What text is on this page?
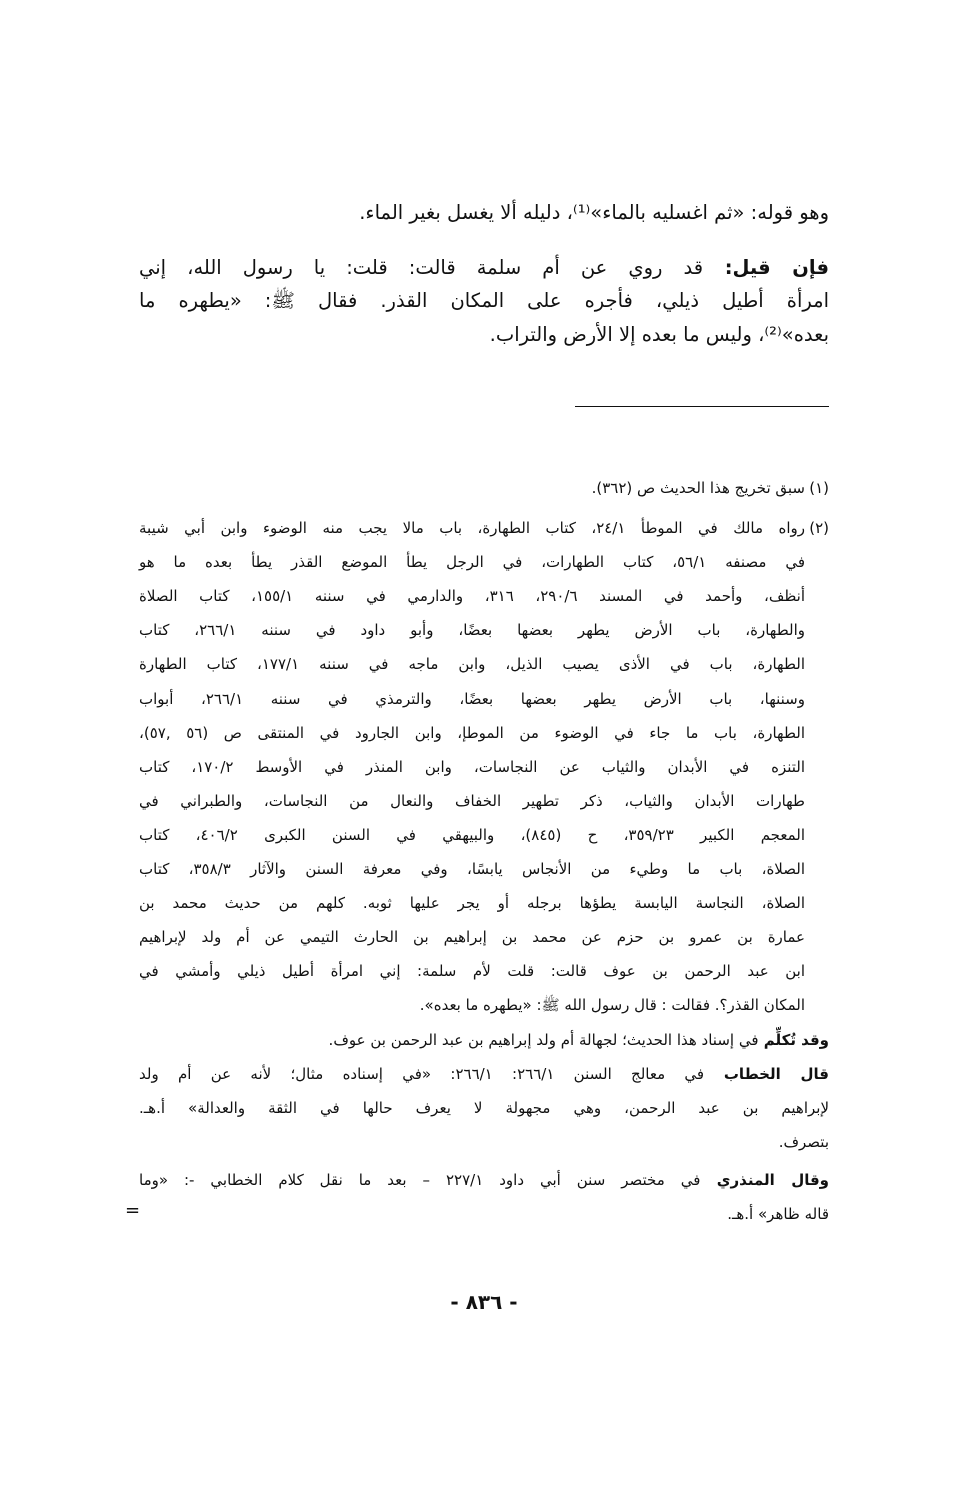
وهو قوله: «ثم اغسليه بالماء»⁽¹⁾، دليله ألا يغسل بغير الماء.
فإن قيل: قد روي عن أم سلمة قالت: قلت: يا رسول الله، إني
امرأة أطيل ذيلي، فأجره على المكان القذر. فقال ﷺ: «يطهره ما
بعده»⁽²⁾، وليس ما بعده إلا الأرض والتراب.
(١)
سبق تخريج هذا الحديث ص (٣٦٢).
(٢)
رواه مالك في الموطأ ٢٤/١، كتاب الطهارة، باب مالا يجب منه الوضوء وابن أبي شيبة
في مصنفه ٥٦/١، كتاب الطهارات، في الرجل يطأ الموضع القذر يطأ بعده ما هو
أنظف، وأحمد في المسند ٢٩٠/٦، ٣١٦، والدارمي في سننه ١٥٥/١، كتاب الصلاة
والطهارة، باب الأرض يطهر بعضها بعضًا، وأبو داود في سننه ٢٦٦/١، كتاب
الطهارة، باب في الأذى يصيب الذيل، وابن ماجه في سننه ١٧٧/١، كتاب الطهارة
وسننها، باب الأرض يطهر بعضها بعضًا، والترمذي في سننه ٢٦٦/١، أبواب
الطهارة، باب ما جاء في الوضوء من الموطإ، وابن الجارود في المنتقى ص (٥٦ ,٥٧)،
التنزه في الأبدان والثياب عن النجاسات، وابن المنذر في الأوسط ١٧٠/٢، كتاب
طهارات الأبدان والثياب، ذكر تطهير الخفاف والنعال من النجاسات، والطبراني في
المعجم الكبير ٣٥٩/٢٣، ح (٨٤٥)، والبيهقي في السنن الكبرى ٤٠٦/٢، كتاب
الصلاة، باب ما وطيء من الأنجاس يابسًا، وفي معرفة السنن والآثار ٣٥٨/٣، كتاب
الصلاة، النجاسة اليابسة يطؤها برجله أو يجر عليها ثوبه. كلهم من حديث محمد بن
عمارة بن عمرو بن حزم عن محمد بن إبراهيم بن الحارث التيمي عن أم ولد لإبراهيم
ابن عبد الرحمن بن عوف قالت: قلت لأم سلمة: إني امرأة أطيل ذيلي وأمشي في
المكان القذر؟. فقالت : قال رسول الله ﷺ: «يطهره ما بعده».
وقد تُكلِّم في إسناد هذا الحديث؛ لجهالة أم ولد إبراهيم بن عبد الرحمن بن عوف.
قال الخطاب في معالج السنن ٢٦٦/١: ٢٦٦/١: «في إسناده مثال؛ لأنه عن أم ولد
لإبراهيم بن عبد الرحمن، وهي مجهولة لا يعرف حالها في الثقة والعدالة» أ.هـ.
بتصرف.
وقال المنذري في مختصر سنن أبي داود ٢٢٧/١ – بعد ما نقل كلام الخطابي -: «وما
قاله ظاهر» أ.هـ.
=
- ٨٣٦ -
